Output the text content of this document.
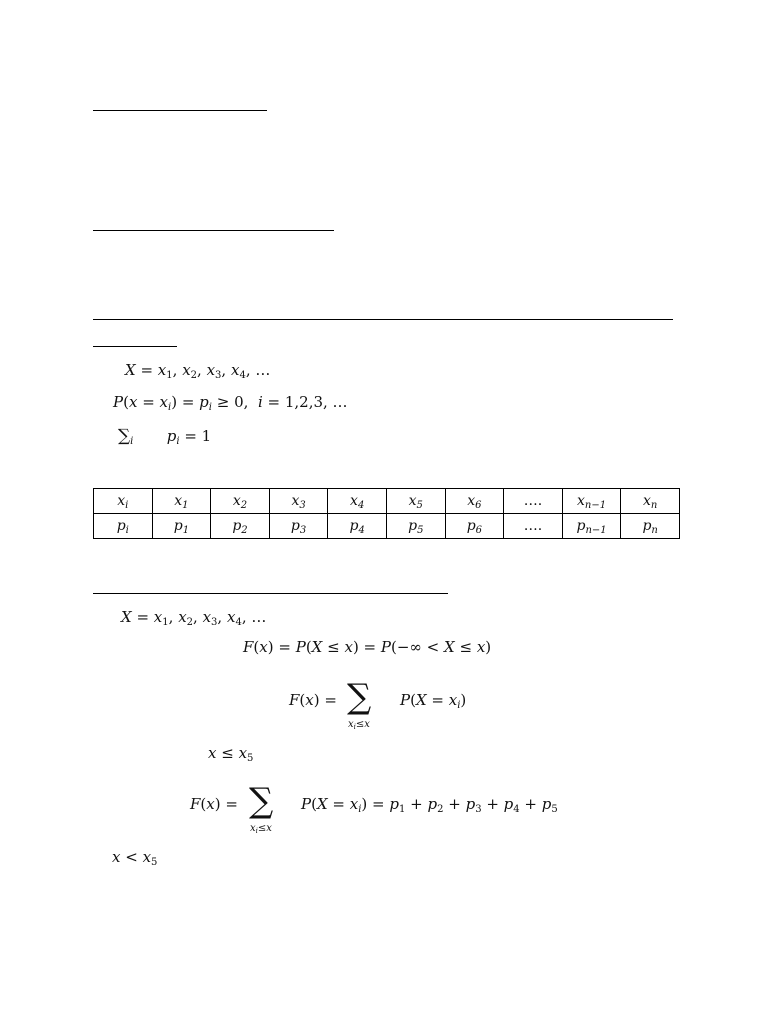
$X = x_1$, $x_2$, $x_3$, $x_4$, …
$P(x = x_i) = p_i \ge 0$,  i = 1,2,3, …
$\sum_i$ $p_i = 1$
$x_i$	$x_1$	$x_2$	$x_3$	$x_4$	$x_5$	$x_6$	….	$x_{n-1}$	$x_n$
$p_i$	$p_1$	$p_2$	$p_3$	$p_4$	$p_5$	$p_6$	….	$p_{n-1}$	$p_n$
$X = x_1$, $x_2$, $x_3$, $x_4$, …
F(x) = P(X ≤ x) = P(−∞ < X ≤ x)
F(x) = ∑
$x_i\le x$
$P(X = x_i)$
$x \le x_5$
F(x) = ∑
$x_i\le x$
$P(X = x_i) = p_1 + p_2 + p_3 + p_4 + p_5$
$x < x_5$
